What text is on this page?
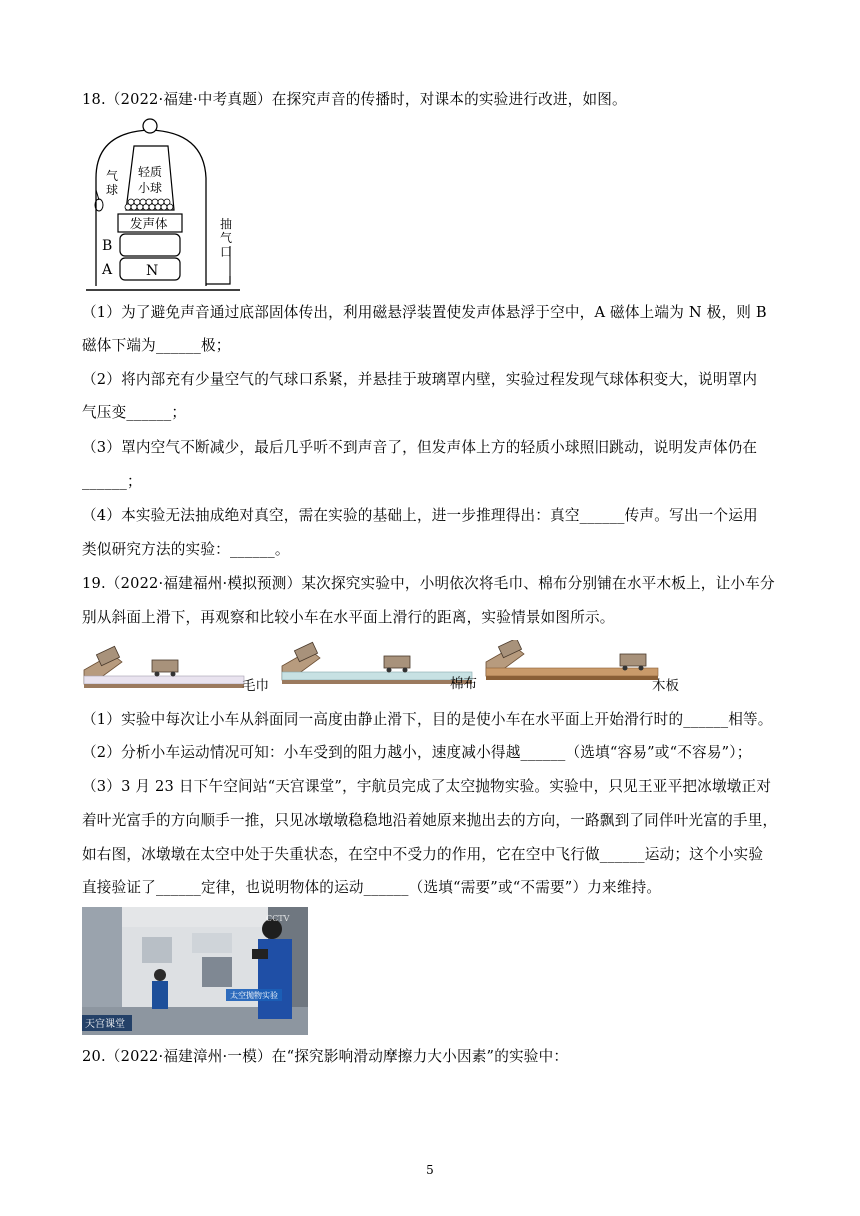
18.（2022·福建·中考真题）在探究声音的传播时，对课本的实验进行改进，如图。
气
球
轻质
小球
发声体
B
A N
抽
气
口
（1）为了避免声音通过底部固体传出，利用磁悬浮装置使发声体悬浮于空中，A 磁体上端为 N 极，则 B
磁体下端为______极；
（2）将内部充有少量空气的气球口系紧，并悬挂于玻璃罩内壁，实验过程发现气球体积变大，说明罩内
气压变______；
（3）罩内空气不断减少，最后几乎听不到声音了，但发声体上方的轻质小球照旧跳动，说明发声体仍在
______；
（4）本实验无法抽成绝对真空，需在实验的基础上，进一步推理得出：真空______传声。写出一个运用
类似研究方法的实验：______。
19.（2022·福建福州·模拟预测）某次探究实验中，小明依次将毛巾、棉布分别铺在水平木板上，让小车分
别从斜面上滑下，再观察和比较小车在水平面上滑行的距离，实验情景如图所示。
毛巾	棉布	木板
（1）实验中每次让小车从斜面同一高度由静止滑下，目的是使小车在水平面上开始滑行时的______相等。
（2）分析小车运动情况可知：小车受到的阻力越小，速度减小得越______（选填“容易”或“不容易”）；
（3）3 月 23 日下午空间站“天宫课堂”，宇航员完成了太空抛物实验。实验中，只见王亚平把冰墩墩正对
着叶光富手的方向顺手一推，只见冰墩墩稳稳地沿着她原来抛出去的方向，一路飘到了同伴叶光富的手里，
如右图，冰墩墩在太空中处于失重状态，在空中不受力的作用，它在空中飞行做______运动；这个小实验
直接验证了______定律，也说明物体的运动______（选填“需要”或“不需要”）力来维持。
太空抛物实验
天宫课堂
CCTV
20.（2022·福建漳州·一模）在“探究影响滑动摩擦力大小因素”的实验中：
5
